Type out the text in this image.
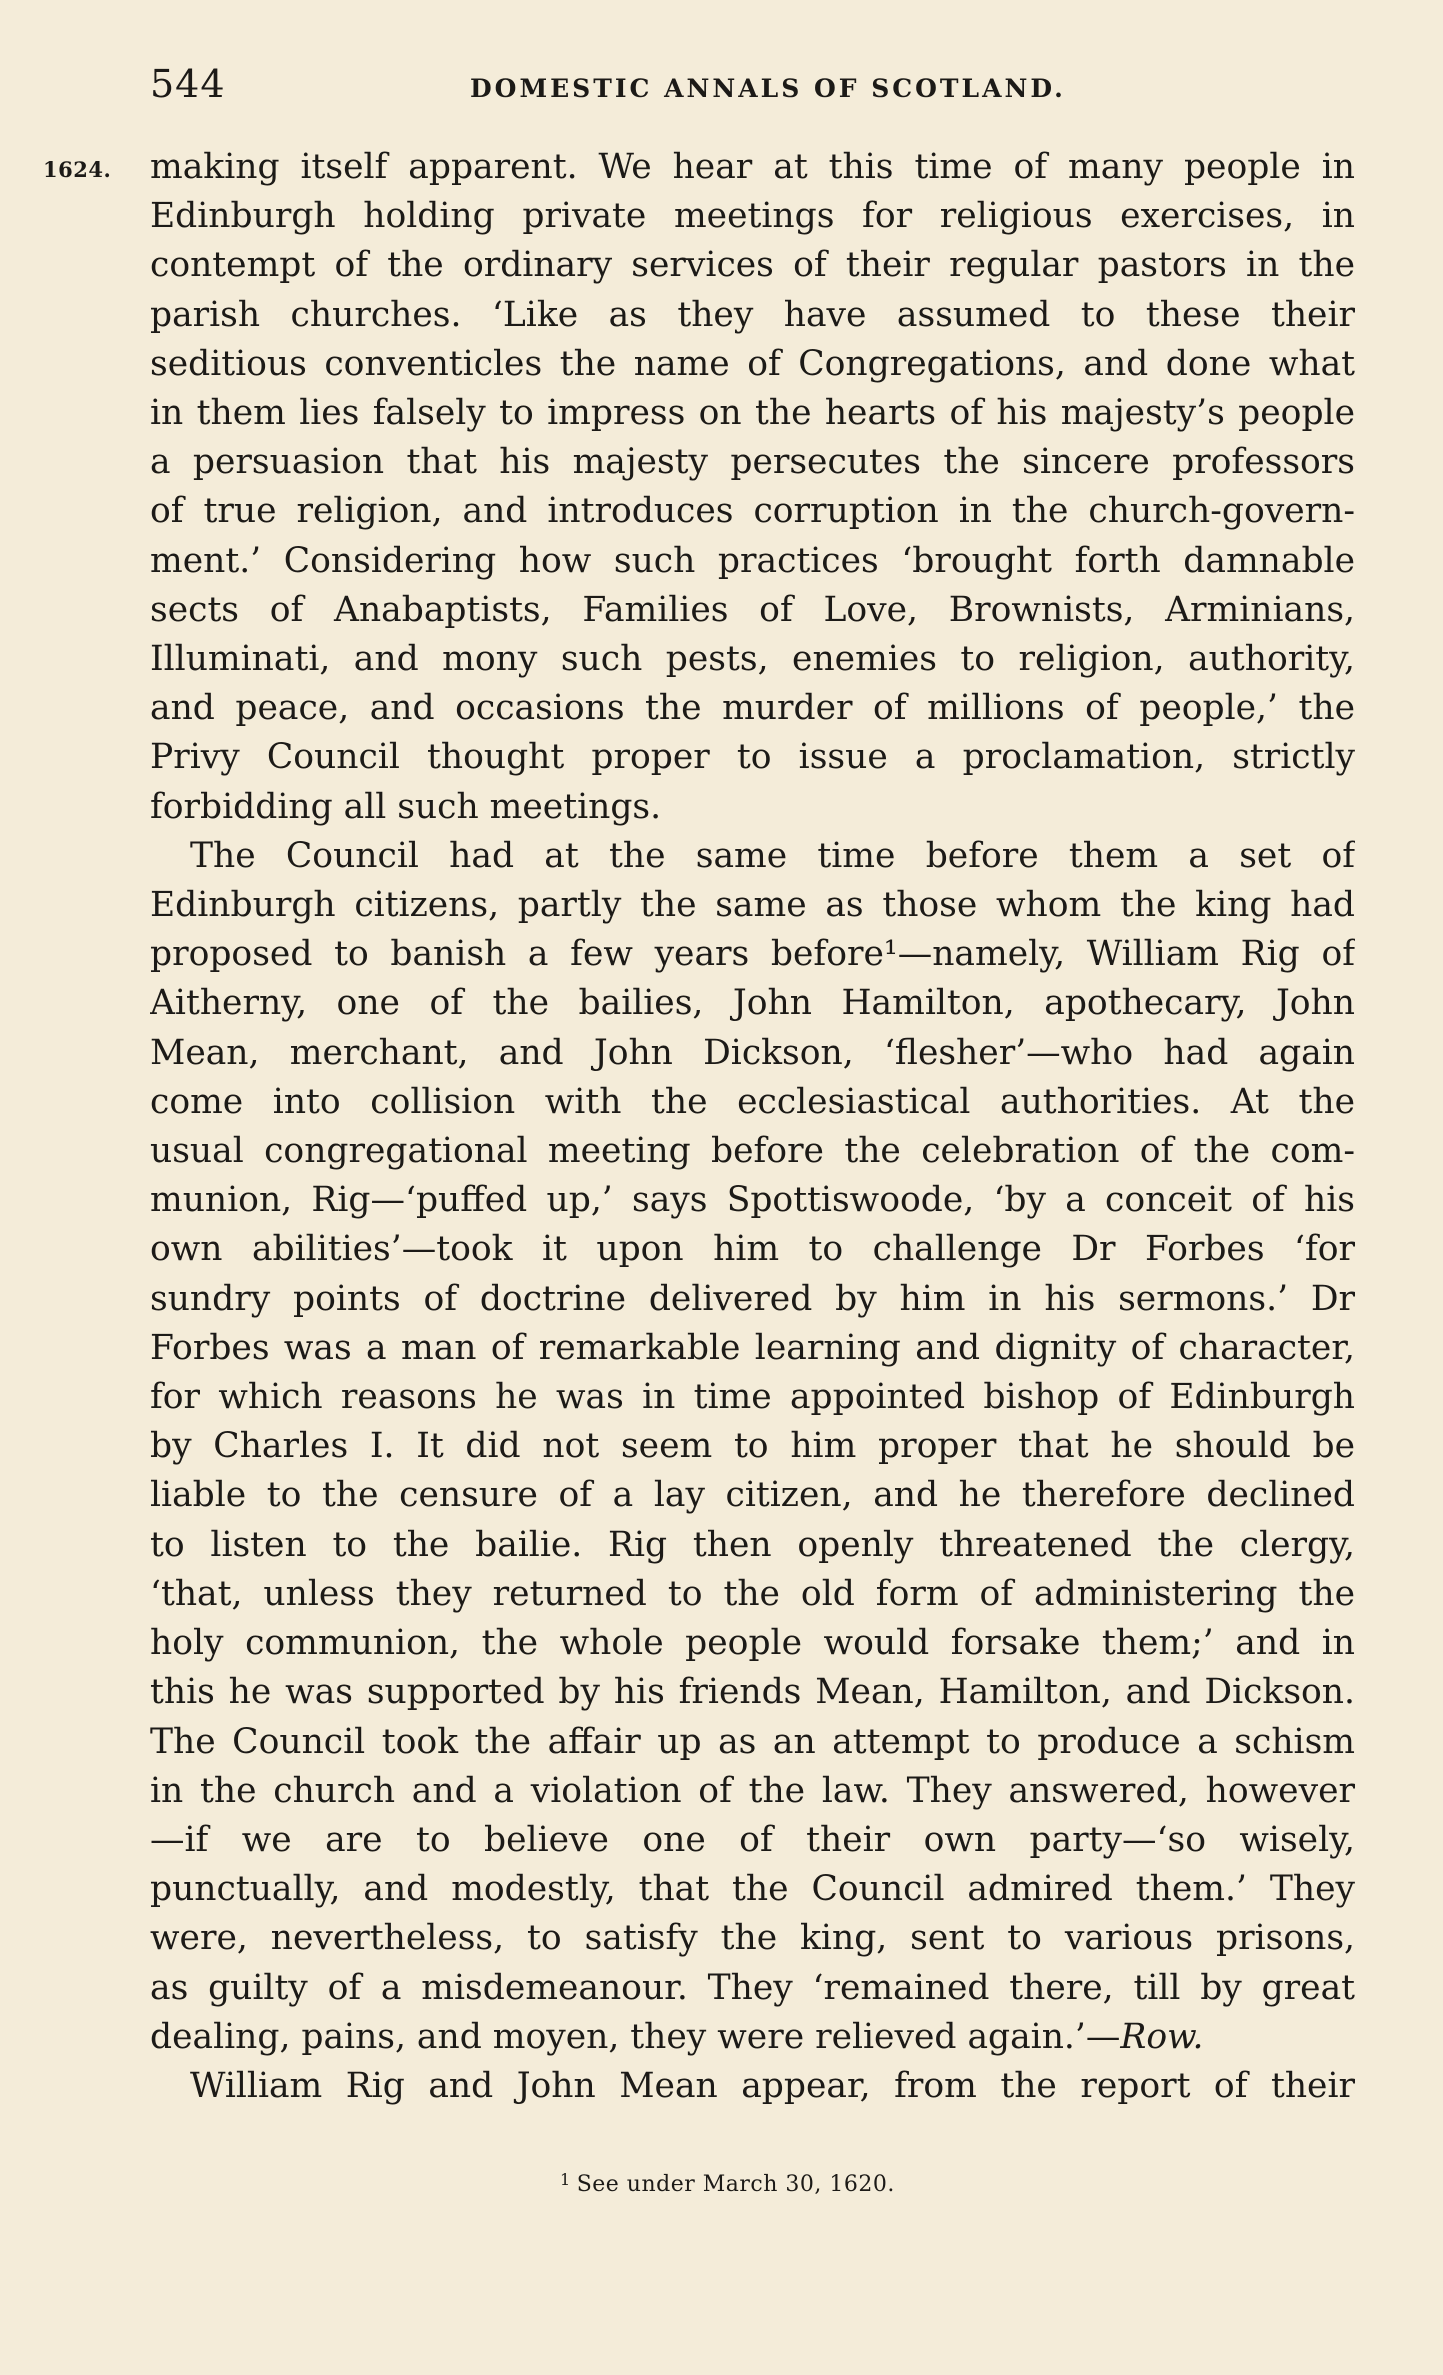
544	DOMESTIC ANNALS OF SCOTLAND.
1624. making itself apparent. We hear at this time of many people in
Edinburgh holding private meetings for religious exercises, in
contempt of the ordinary services of their regular pastors in the
parish churches. ‘Like as they have assumed to these their
seditious conventicles the name of Congregations, and done what
in them lies falsely to impress on the hearts of his majesty’s people
a persuasion that his majesty persecutes the sincere professors
of true religion, and introduces corruption in the church-govern-
ment.’ Considering how such practices ‘brought forth damnable
sects of Anabaptists, Families of Love, Brownists, Arminians,
Illuminati, and mony such pests, enemies to religion, authority,
and peace, and occasions the murder of millions of people,’ the
Privy Council thought proper to issue a proclamation, strictly
forbidding all such meetings.

The Council had at the same time before them a set of
Edinburgh citizens, partly the same as those whom the king had
proposed to banish a few years before¹—namely, William Rig of
Aitherny, one of the bailies, John Hamilton, apothecary, John
Mean, merchant, and John Dickson, ‘flesher’—who had again
come into collision with the ecclesiastical authorities. At the
usual congregational meeting before the celebration of the com-
munion, Rig—‘puffed up,’ says Spottiswoode, ‘by a conceit of his
own abilities’—took it upon him to challenge Dr Forbes ‘for
sundry points of doctrine delivered by him in his sermons.’ Dr
Forbes was a man of remarkable learning and dignity of character,
for which reasons he was in time appointed bishop of Edinburgh
by Charles I. It did not seem to him proper that he should be
liable to the censure of a lay citizen, and he therefore declined
to listen to the bailie. Rig then openly threatened the clergy,
‘that, unless they returned to the old form of administering the
holy communion, the whole people would forsake them;’ and in
this he was supported by his friends Mean, Hamilton, and Dickson.
The Council took the affair up as an attempt to produce a schism
in the church and a violation of the law. They answered, however
—if we are to believe one of their own party—‘so wisely,
punctually, and modestly, that the Council admired them.’ They
were, nevertheless, to satisfy the king, sent to various prisons,
as guilty of a misdemeanour. They ‘remained there, till by great
dealing, pains, and moyen, they were relieved again.’—Row.

William Rig and John Mean appear, from the report of their

$^1$ See under March 30, 1620.
